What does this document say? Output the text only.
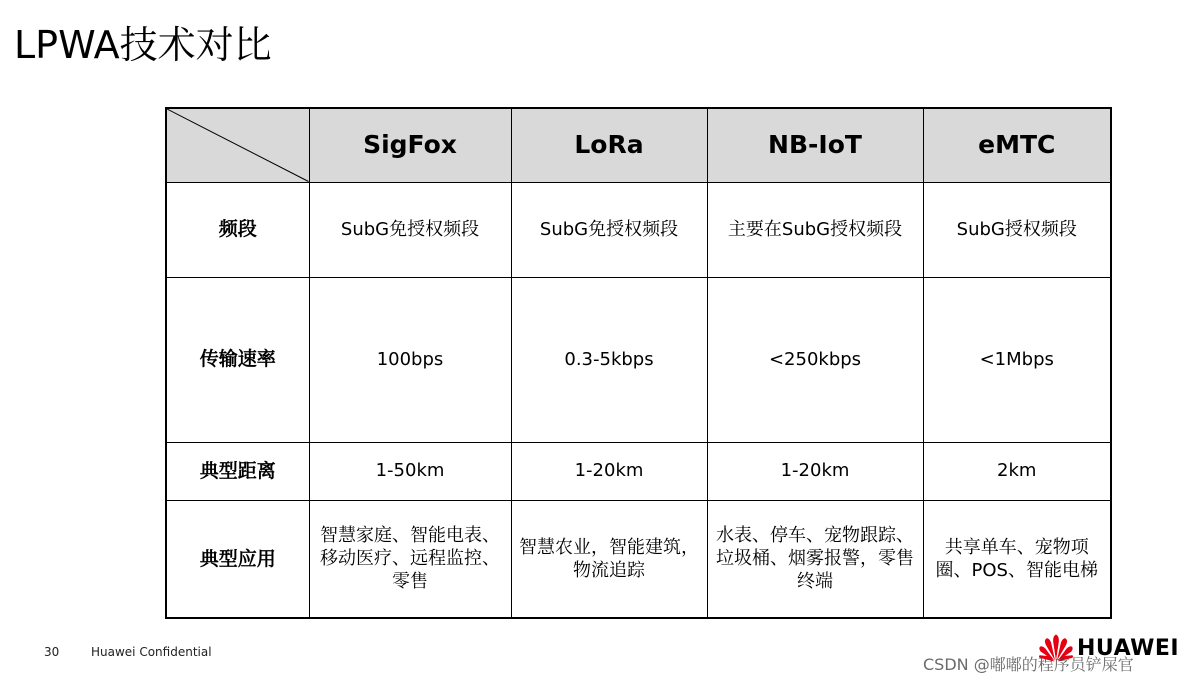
LPWA技术对比
	SigFox	LoRa	NB-IoT	eMTC
频段	SubG免授权频段	SubG免授权频段	主要在SubG授权频段	SubG授权频段
传输速率	100bps	0.3-5kbps	<250kbps	<1Mbps
典型距离	1-50km	1-20km	1-20km	2km
典型应用	智慧家庭、智能电表、移动医疗、远程监控、零售	智慧农业，智能建筑，物流追踪	水表、停车、宠物跟踪、垃圾桶、烟雾报警，零售终端	共享单车、宠物项圈、POS、智能电梯
30	Huawei Confidential	HUAWEI
CSDN @嘟嘟的程序员铲屎官
